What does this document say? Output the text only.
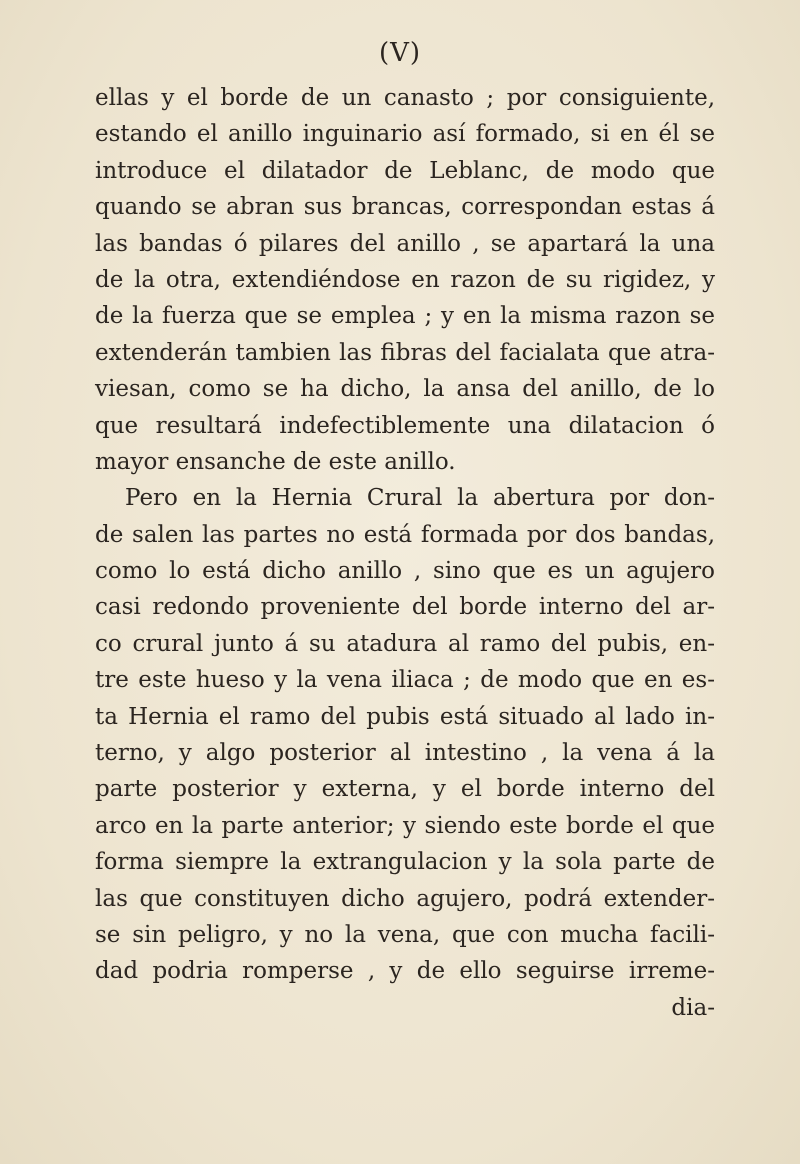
(V)
ellas y el borde de un canasto ; por consiguiente,
estando el anillo inguinario así formado, si en él se
introduce el dilatador de Leblanc, de modo que
quando se abran sus brancas, correspondan estas á
las bandas ó pilares del anillo , se apartará la una
de la otra, extendiéndose en razon de su rigidez, y
de la fuerza que se emplea ; y en la misma razon se
extenderán tambien las fibras del facialata que atra-
viesan, como se ha dicho, la ansa del anillo, de lo
que resultará indefectiblemente una dilatacion ó
mayor ensanche de este anillo.
Pero en la Hernia Crural la abertura por don-
de salen las partes no está formada por dos bandas,
como lo está dicho anillo , sino que es un agujero
casi redondo proveniente del borde interno del ar-
co crural junto á su atadura al ramo del pubis, en-
tre este hueso y la vena iliaca ; de modo que en es-
ta Hernia el ramo del pubis está situado al lado in-
terno, y algo posterior al intestino , la vena á la
parte posterior y externa, y el borde interno del
arco en la parte anterior; y siendo este borde el que
forma siempre la extrangulacion y la sola parte de
las que constituyen dicho agujero, podrá extender-
se sin peligro, y no la vena, que con mucha facili-
dad podria romperse , y de ello seguirse irreme-
dia-
